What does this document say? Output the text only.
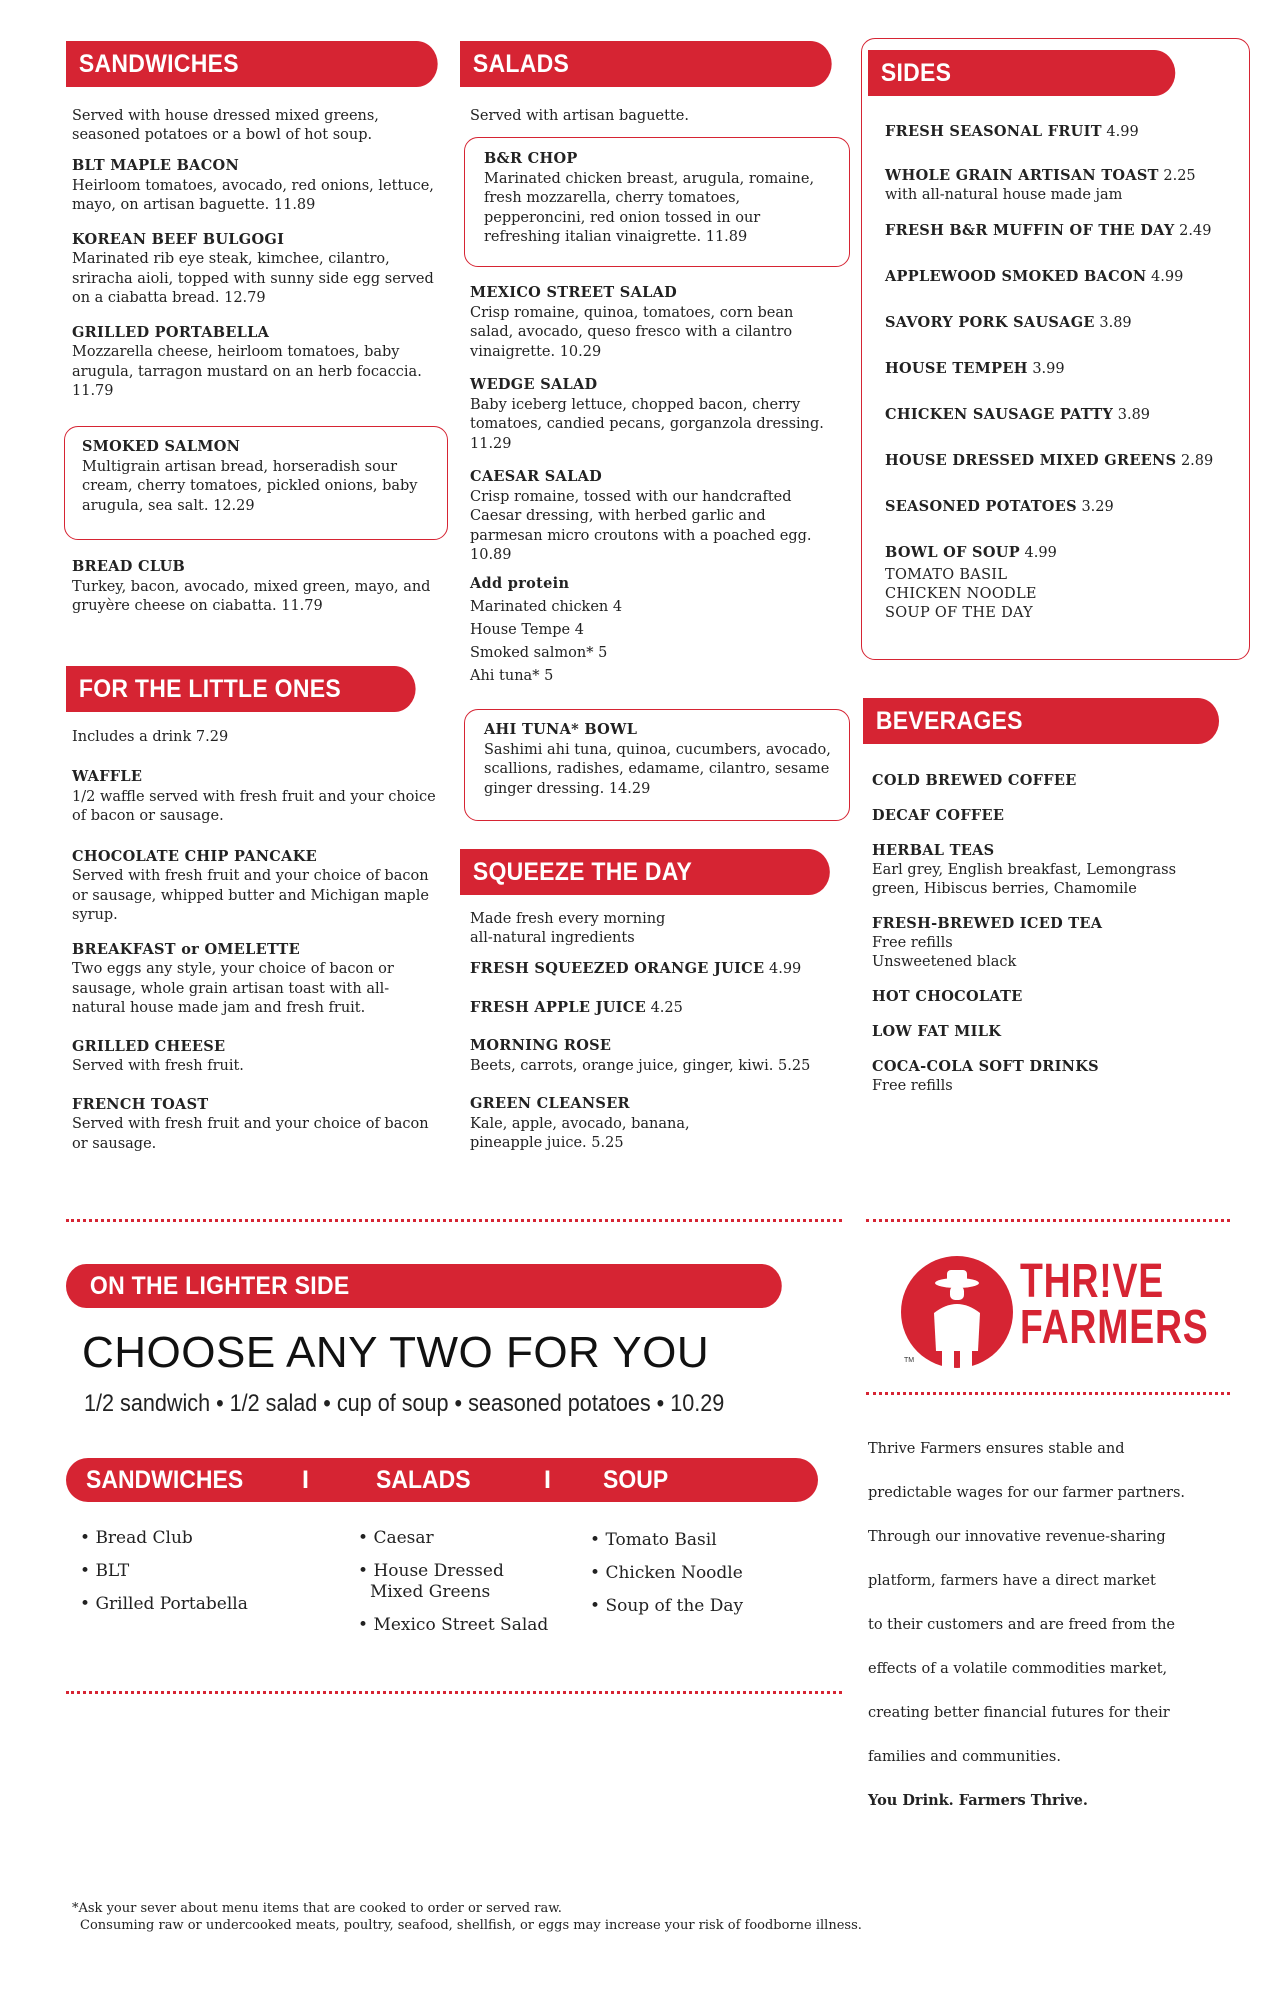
SANDWICHES

Served with house dressed mixed greens, seasoned potatoes or a bowl of hot soup.

BLT MAPLE BACON
Heirloom tomatoes, avocado, red onions, lettuce, mayo, on artisan baguette. 11.89
KOREAN BEEF BULGOGI
Marinated rib eye steak, kimchee, cilantro, sriracha aioli, topped with sunny side egg served on a ciabatta bread. 12.79
GRILLED PORTABELLA
Mozzarella cheese, heirloom tomatoes, baby arugula, tarragon mustard on an herb focaccia. 11.79
SMOKED SALMON
Multigrain artisan bread, horseradish sour cream, cherry tomatoes, pickled onions, baby arugula, sea salt. 12.29
BREAD CLUB
Turkey, bacon, avocado, mixed green, mayo, and gruyère cheese on ciabatta. 11.79
FOR THE LITTLE ONES

Includes a drink 7.29

WAFFLE
1/2 waffle served with fresh fruit and your choice of bacon or sausage.
CHOCOLATE CHIP PANCAKE
Served with fresh fruit and your choice of bacon or sausage, whipped butter and Michigan maple syrup.
BREAKFAST or OMELETTE
Two eggs any style, your choice of bacon or sausage, whole grain artisan toast with all-natural house made jam and fresh fruit.
GRILLED CHEESE
Served with fresh fruit.
FRENCH TOAST
Served with fresh fruit and your choice of bacon or sausage.
SALADS

Served with artisan baguette.

B&R CHOP
Marinated chicken breast, arugula, romaine, fresh mozzarella, cherry tomatoes, pepperoncini, red onion tossed in our refreshing italian vinaigrette. 11.89
MEXICO STREET SALAD
Crisp romaine, quinoa, tomatoes, corn bean salad, avocado, queso fresco with a cilantro vinaigrette. 10.29
WEDGE SALAD
Baby iceberg lettuce, chopped bacon, cherry tomatoes, candied pecans, gorganzola dressing. 11.29
CAESAR SALAD
Crisp romaine, tossed with our handcrafted Caesar dressing, with herbed garlic and parmesan micro croutons with a poached egg. 10.89
Add protein
Marinated chicken 4
House Tempe 4
Smoked salmon* 5
Ahi tuna* 5
AHI TUNA* BOWL
Sashimi ahi tuna, quinoa, cucumbers, avocado, scallions, radishes, edamame, cilantro, sesame ginger dressing. 14.29
SQUEEZE THE DAY

Made fresh every morning all-natural ingredients

FRESH SQUEEZED ORANGE JUICE 4.99
FRESH APPLE JUICE 4.25
MORNING ROSE
Beets, carrots, orange juice, ginger, kiwi. 5.25
GREEN CLEANSER
Kale, apple, avocado, banana, pineapple juice. 5.25
SIDES
FRESH SEASONAL FRUIT 4.99
WHOLE GRAIN ARTISAN TOAST 2.25
with all-natural house made jam
FRESH B&R MUFFIN OF THE DAY 2.49
APPLEWOOD SMOKED BACON 4.99
SAVORY PORK SAUSAGE 3.89
HOUSE TEMPEH 3.99
CHICKEN SAUSAGE PATTY 3.89
HOUSE DRESSED MIXED GREENS 2.89
SEASONED POTATOES 3.29
BOWL OF SOUP 4.99
TOMATO BASIL
CHICKEN NOODLE
SOUP OF THE DAY
BEVERAGES
COLD BREWED COFFEE
DECAF COFFEE
HERBAL TEAS
Earl grey, English breakfast, Lemongrass green, Hibiscus berries, Chamomile
FRESH-BREWED ICED TEA
Free refills
Unsweetened black
HOT CHOCOLATE
LOW FAT MILK
COCA-COLA SOFT DRINKS
Free refills
ON THE LIGHTER SIDE
CHOOSE ANY TWO FOR YOU
1/2 sandwich • 1/2 salad • cup of soup • seasoned potatoes • 10.29
SANDWICHES I	SALADS	I SOUP
• Bread Club
• BLT
• Grilled Portabella
• Caesar
• House Dressed Mixed Greens
• Mexico Street Salad
• Tomato Basil
• Chicken Noodle
• Soup of the Day
TM
THR!VE
FARMERS
Thrive Farmers ensures stable and
predictable wages for our farmer partners.
Through our innovative revenue-sharing
platform, farmers have a direct market
to their customers and are freed from the
effects of a volatile commodities market,
creating better financial futures for their
families and communities.
You Drink. Farmers Thrive.
*Ask your sever about menu items that are cooked to order or served raw.
Consuming raw or undercooked meats, poultry, seafood, shellfish, or eggs may increase your risk of foodborne illness.
